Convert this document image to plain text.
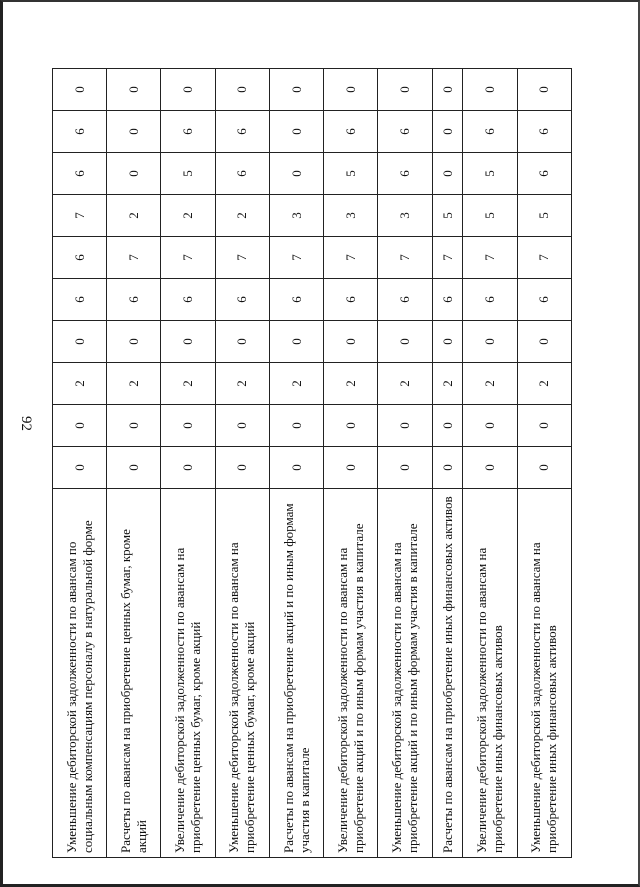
92
Уменьшение дебиторской задолженности по авансам по социальным компенсациям персоналу в натуральной форме	0	0	2	0	6	6	7	6	6	0
Расчеты по авансам на приобретение ценных бумаг, кроме акций	0	0	2	0	6	7	2	0	0	0
Увеличение дебиторской задолженности по авансам на приобретение ценных бумаг, кроме акций	0	0	2	0	6	7	2	5	6	0
Уменьшение дебиторской задолженности по авансам на приобретение ценных бумаг, кроме акций	0	0	2	0	6	7	2	6	6	0
Расчеты по авансам на приобретение акций и по иным формам участия в капитале	0	0	2	0	6	7	3	0	0	0
Увеличение дебиторской задолженности по авансам на приобретение акций и по иным формам участия в капитале	0	0	2	0	6	7	3	5	6	0
Уменьшение дебиторской задолженности по авансам на приобретение акций и по иным формам участия в капитале	0	0	2	0	6	7	3	6	6	0
Расчеты по авансам на приобретение иных финансовых активов	0	0	2	0	6	7	5	0	0	0
Увеличение дебиторской задолженности по авансам на приобретение иных финансовых активов	0	0	2	0	6	7	5	5	6	0
Уменьшение дебиторской задолженности по авансам на приобретение иных финансовых активов	0	0	2	0	6	7	5	6	6	0
